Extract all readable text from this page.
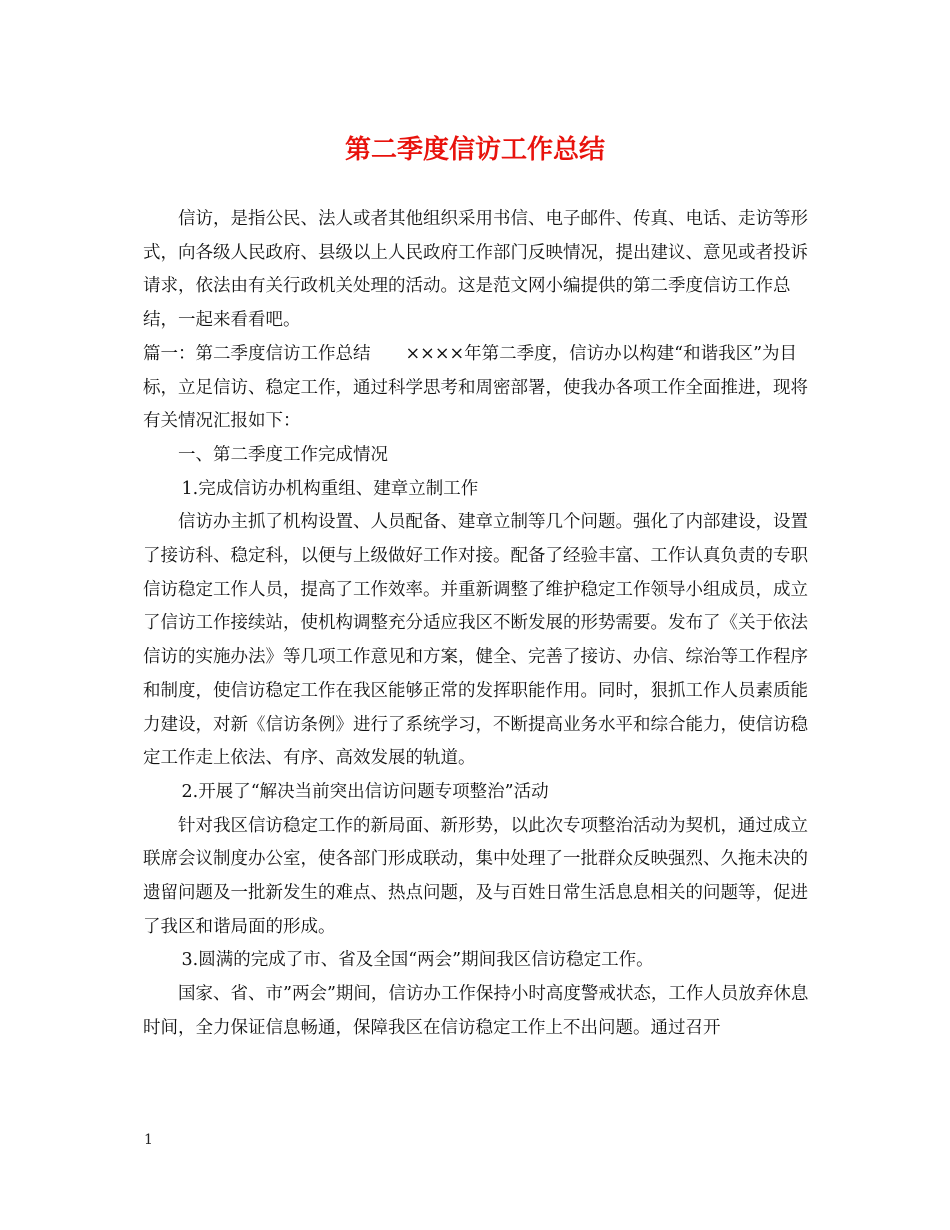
第二季度信访工作总结

信访，是指公民、法人或者其他组织采用书信、电子邮件、传真、电话、走访等形式，向各级人民政府、县级以上人民政府工作部门反映情况，提出建议、意见或者投诉请求，依法由有关行政机关处理的活动。这是范文网小编提供的第二季度信访工作总结，一起来看看吧。

篇一：第二季度信访工作总结　　××××年第二季度，信访办以构建“和谐我区”为目标，立足信访、稳定工作，通过科学思考和周密部署，使我办各项工作全面推进，现将有关情况汇报如下：

一、第二季度工作完成情况

1.完成信访办机构重组、建章立制工作

信访办主抓了机构设置、人员配备、建章立制等几个问题。强化了内部建设，设置了接访科、稳定科，以便与上级做好工作对接。配备了经验丰富、工作认真负责的专职信访稳定工作人员，提高了工作效率。并重新调整了维护稳定工作领导小组成员，成立了信访工作接续站，使机构调整充分适应我区不断发展的形势需要。发布了《关于依法信访的实施办法》等几项工作意见和方案，健全、完善了接访、办信、综治等工作程序和制度，使信访稳定工作在我区能够正常的发挥职能作用。同时，狠抓工作人员素质能力建设，对新《信访条例》进行了系统学习，不断提高业务水平和综合能力，使信访稳定工作走上依法、有序、高效发展的轨道。

2.开展了“解决当前突出信访问题专项整治”活动

针对我区信访稳定工作的新局面、新形势，以此次专项整治活动为契机，通过成立联席会议制度办公室，使各部门形成联动，集中处理了一批群众反映强烈、久拖未决的遗留问题及一批新发生的难点、热点问题，及与百姓日常生活息息相关的问题等，促进了我区和谐局面的形成。

3.圆满的完成了市、省及全国“两会”期间我区信访稳定工作。

国家、省、市”两会”期间，信访办工作保持小时高度警戒状态，工作人员放弃休息时间，全力保证信息畅通，保障我区在信访稳定工作上不出问题。通过召开

1
